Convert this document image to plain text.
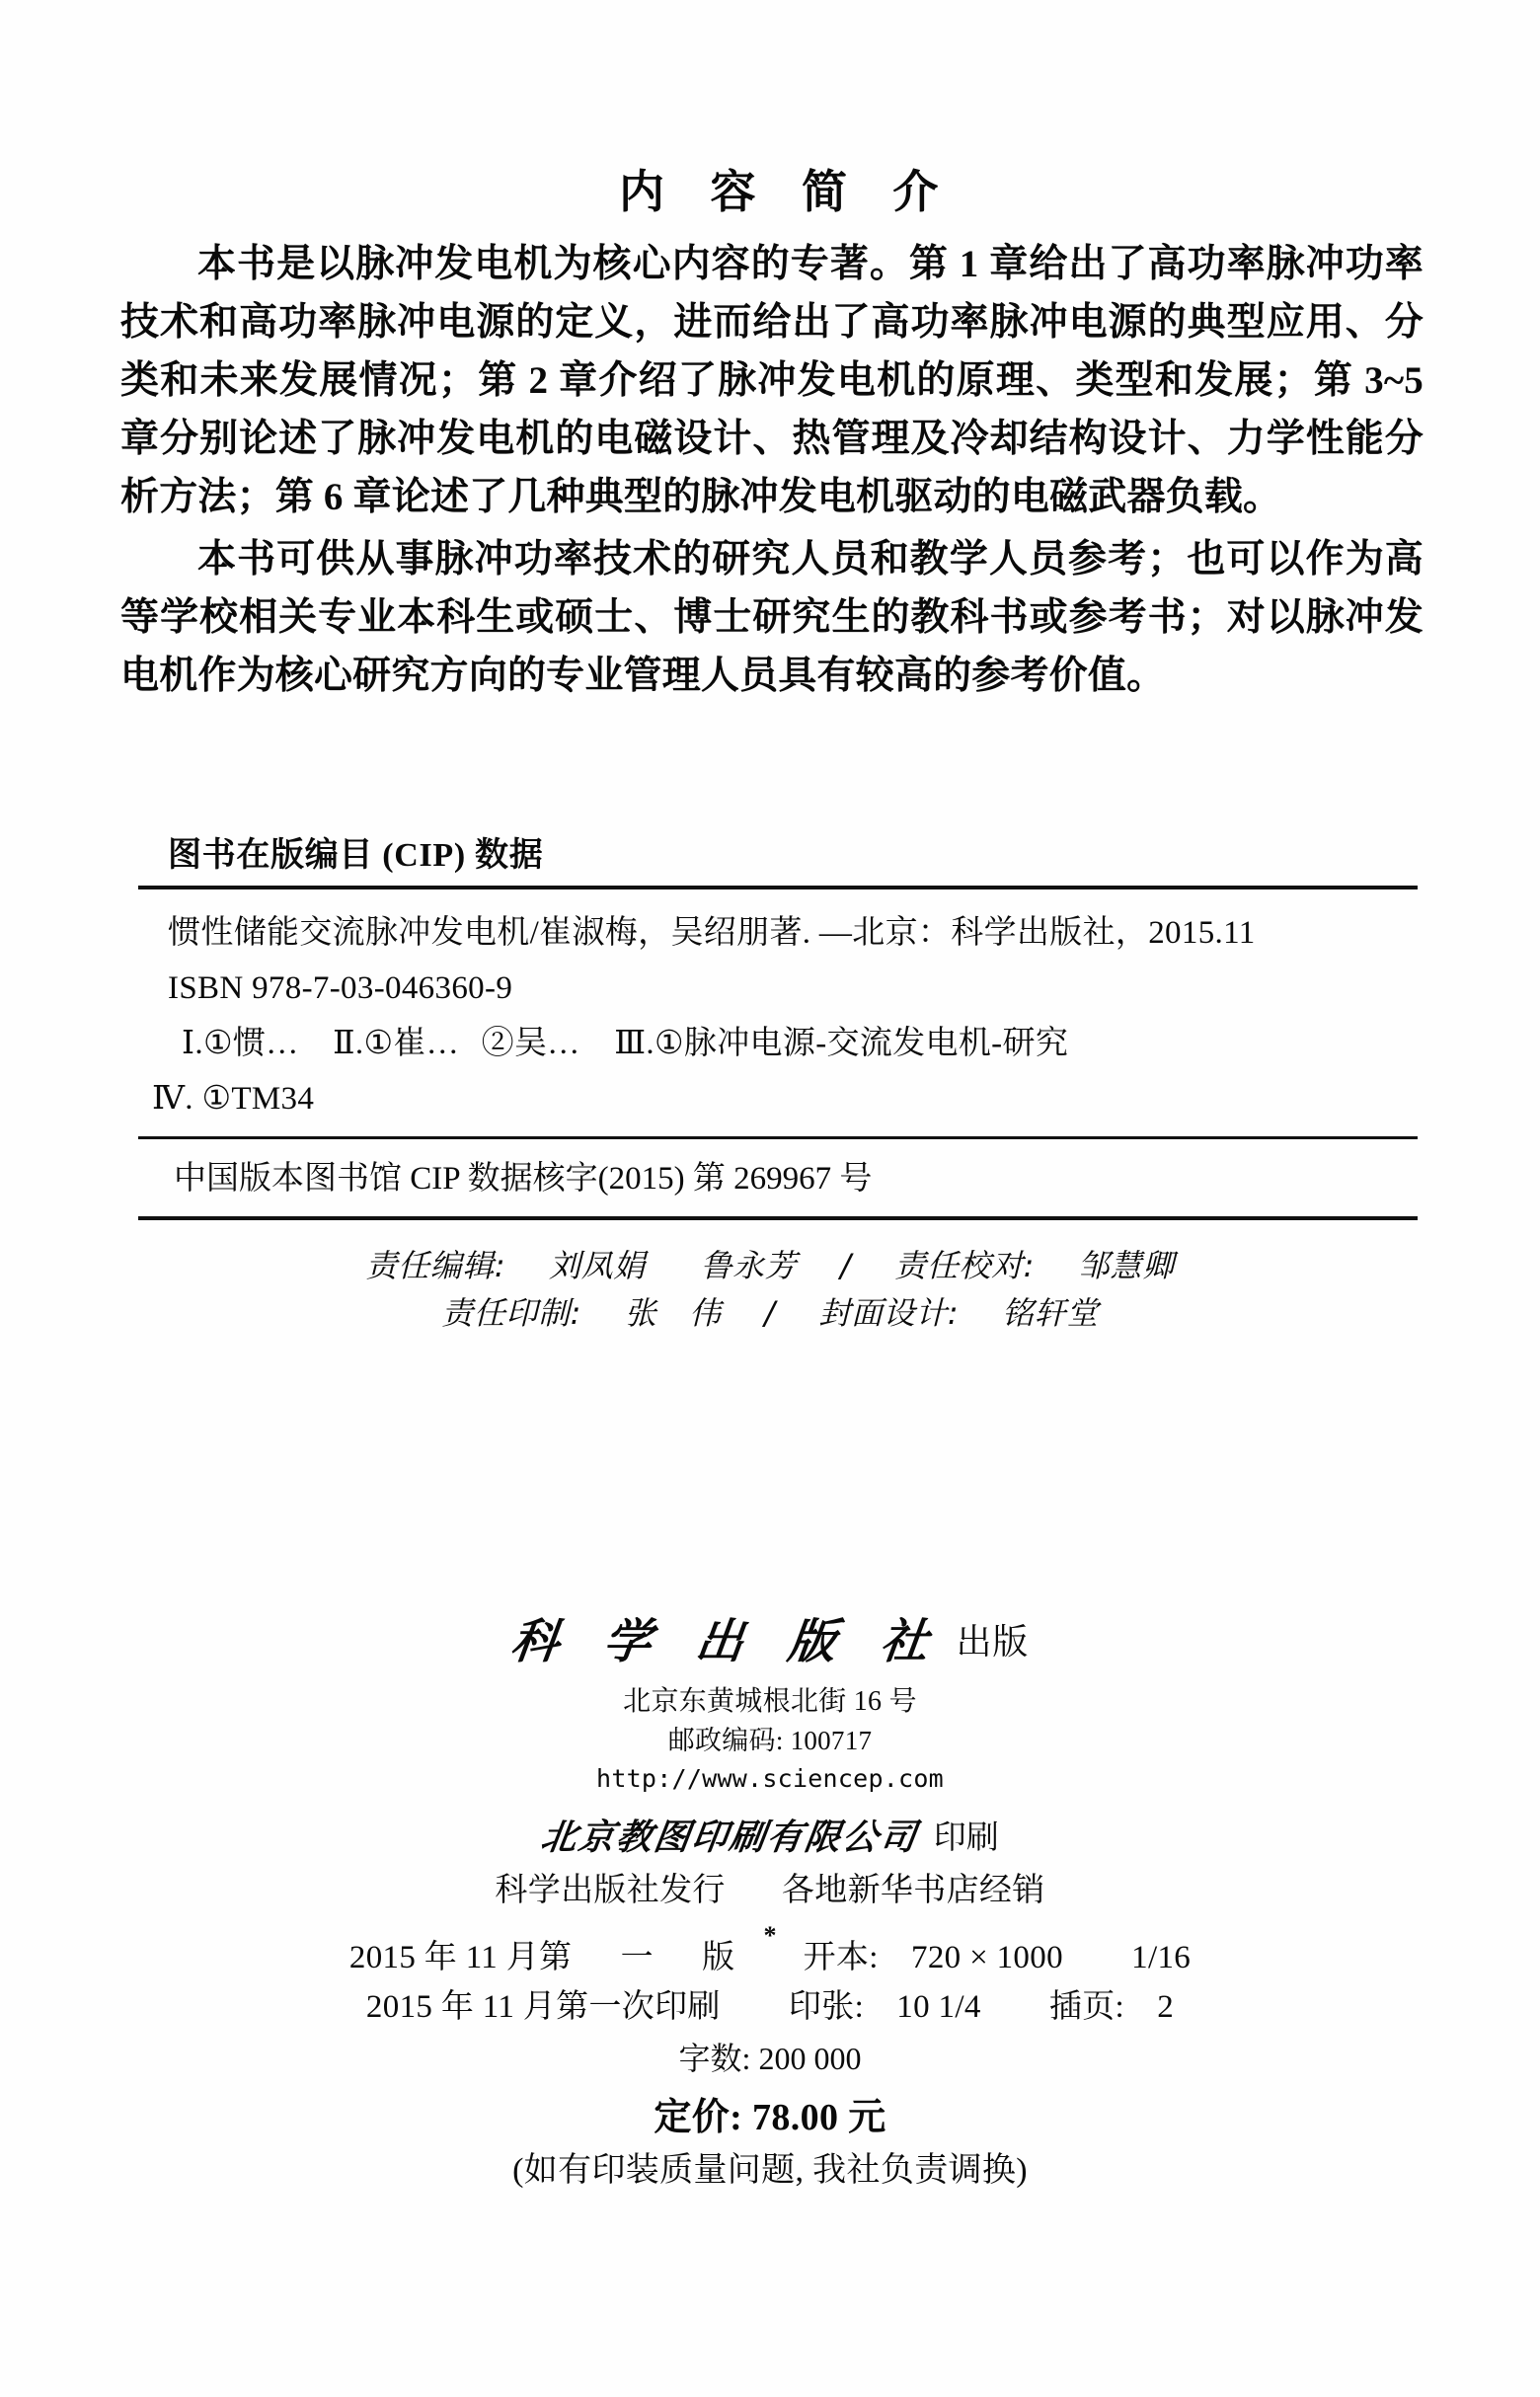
内 容 简 介

本书是以脉冲发电机为核心内容的专著。第 1 章给出了高功率脉冲功率技术和高功率脉冲电源的定义，进而给出了高功率脉冲电源的典型应用、分类和未来发展情况；第 2 章介绍了脉冲发电机的原理、类型和发展；第 3~5 章分别论述了脉冲发电机的电磁设计、热管理及冷却结构设计、力学性能分析方法；第 6 章论述了几种典型的脉冲发电机驱动的电磁武器负载。

本书可供从事脉冲功率技术的研究人员和教学人员参考；也可以作为高等学校相关专业本科生或硕士、博士研究生的教科书或参考书；对以脉冲发电机作为核心研究方向的专业管理人员具有较高的参考价值。

图书在版编目 (CIP) 数据
惯性储能交流脉冲发电机/崔淑梅，吴绍朋著. —北京：科学出版社，2015.11
ISBN 978-7-03-046360-9
Ⅰ.①惯… Ⅱ.①崔… ②吴… Ⅲ.①脉冲电源-交流发电机-研究
Ⅳ. ①TM34
中国版本图书馆 CIP 数据核字(2015) 第 269967 号
责任编辑: 刘凤娟 鲁永芳 / 责任校对: 邹慧卿
责任印制: 张　伟 / 封面设计: 铭轩堂
科 学 出 版 社 出版
北京东黄城根北街 16 号
邮政编码: 100717
http://www.sciencep.com
北京教图印刷有限公司 印刷
科学出版社发行 各地新华书店经销
*
2015 年 11 月第 一 版 开本: 720 × 1000 1/16
2015 年 11 月第一次印刷 印张: 10 1/4 插页: 2
字数: 200 000
定价: 78.00 元
(如有印装质量问题, 我社负责调换)
